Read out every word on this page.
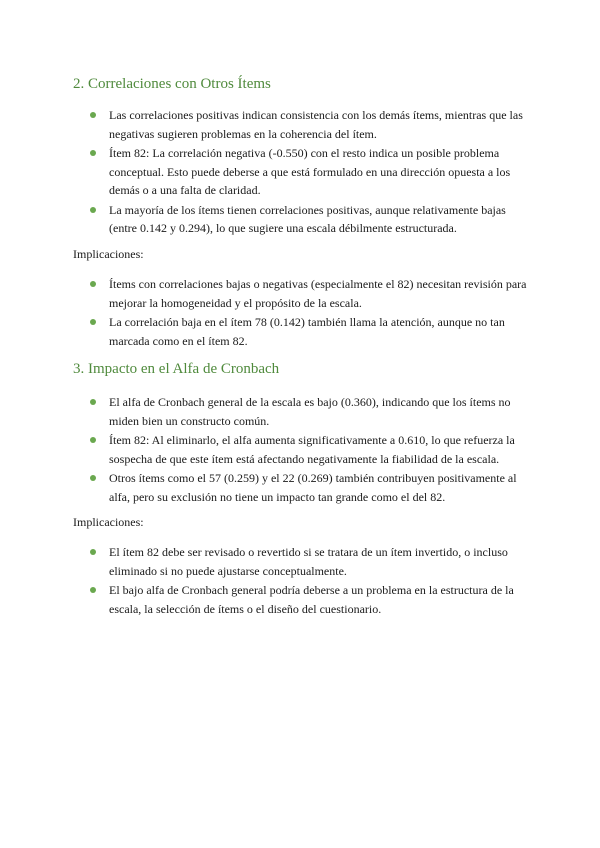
2. Correlaciones con Otros Ítems
Las correlaciones positivas indican consistencia con los demás ítems, mientras que las negativas sugieren problemas en la coherencia del ítem.
Ítem 82: La correlación negativa (-0.550) con el resto indica un posible problema conceptual. Esto puede deberse a que está formulado en una dirección opuesta a los demás o a una falta de claridad.
La mayoría de los ítems tienen correlaciones positivas, aunque relativamente bajas (entre 0.142 y 0.294), lo que sugiere una escala débilmente estructurada.

Implicaciones:

Ítems con correlaciones bajas o negativas (especialmente el 82) necesitan revisión para mejorar la homogeneidad y el propósito de la escala.
La correlación baja en el ítem 78 (0.142) también llama la atención, aunque no tan marcada como en el ítem 82.
3. Impacto en el Alfa de Cronbach
El alfa de Cronbach general de la escala es bajo (0.360), indicando que los ítems no miden bien un constructo común.
Ítem 82: Al eliminarlo, el alfa aumenta significativamente a 0.610, lo que refuerza la sospecha de que este ítem está afectando negativamente la fiabilidad de la escala.
Otros ítems como el 57 (0.259) y el 22 (0.269) también contribuyen positivamente al alfa, pero su exclusión no tiene un impacto tan grande como el del 82.

Implicaciones:

El ítem 82 debe ser revisado o revertido si se tratara de un ítem invertido, o incluso eliminado si no puede ajustarse conceptualmente.
El bajo alfa de Cronbach general podría deberse a un problema en la estructura de la escala, la selección de ítems o el diseño del cuestionario.
